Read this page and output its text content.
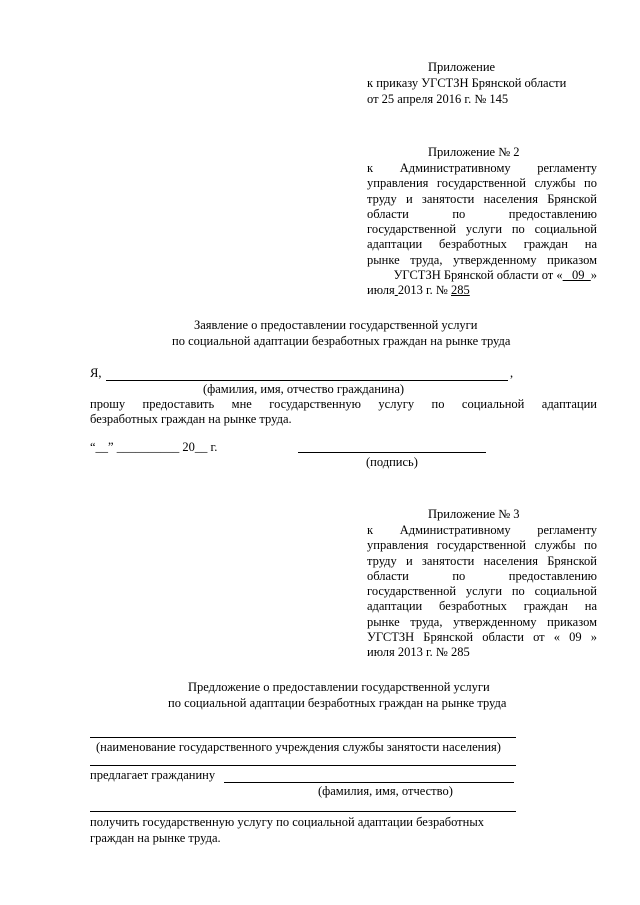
Приложение
к приказу УГСТЗН Брянской области
от 25 апреля 2016 г. № 145
Приложение № 2
к Административному регламенту
управления государственной службы по
труду и занятости населения Брянской
области по предоставлению
государственной услуги по социальной
адаптации безработных граждан на
рынке труда, утвержденному приказом
УГСТЗН Брянской области от « 09 »
июля 2013 г. № 285
Заявление о предоставлении государственной услуги
по социальной адаптации безработных граждан на рынке труда
Я,	,
(фамилия, имя, отчество гражданина)
прошу предоставить мне государственную услугу по социальной адаптации
безработных граждан на рынке труда.
“__” __________ 20__ г.
(подпись)
Приложение № 3
к Административному регламенту
управления государственной службы по
труду и занятости населения Брянской
области по предоставлению
государственной услуги по социальной
адаптации безработных граждан на
рынке труда, утвержденному приказом
УГСТЗН Брянской области от « 09 »
июля 2013 г. № 285
Предложение о предоставлении государственной услуги
по социальной адаптации безработных граждан на рынке труда
(наименование государственного учреждения службы занятости населения)
предлагает гражданину
(фамилия, имя, отчество)
получить государственную услугу по социальной адаптации безработных
граждан на рынке труда.
